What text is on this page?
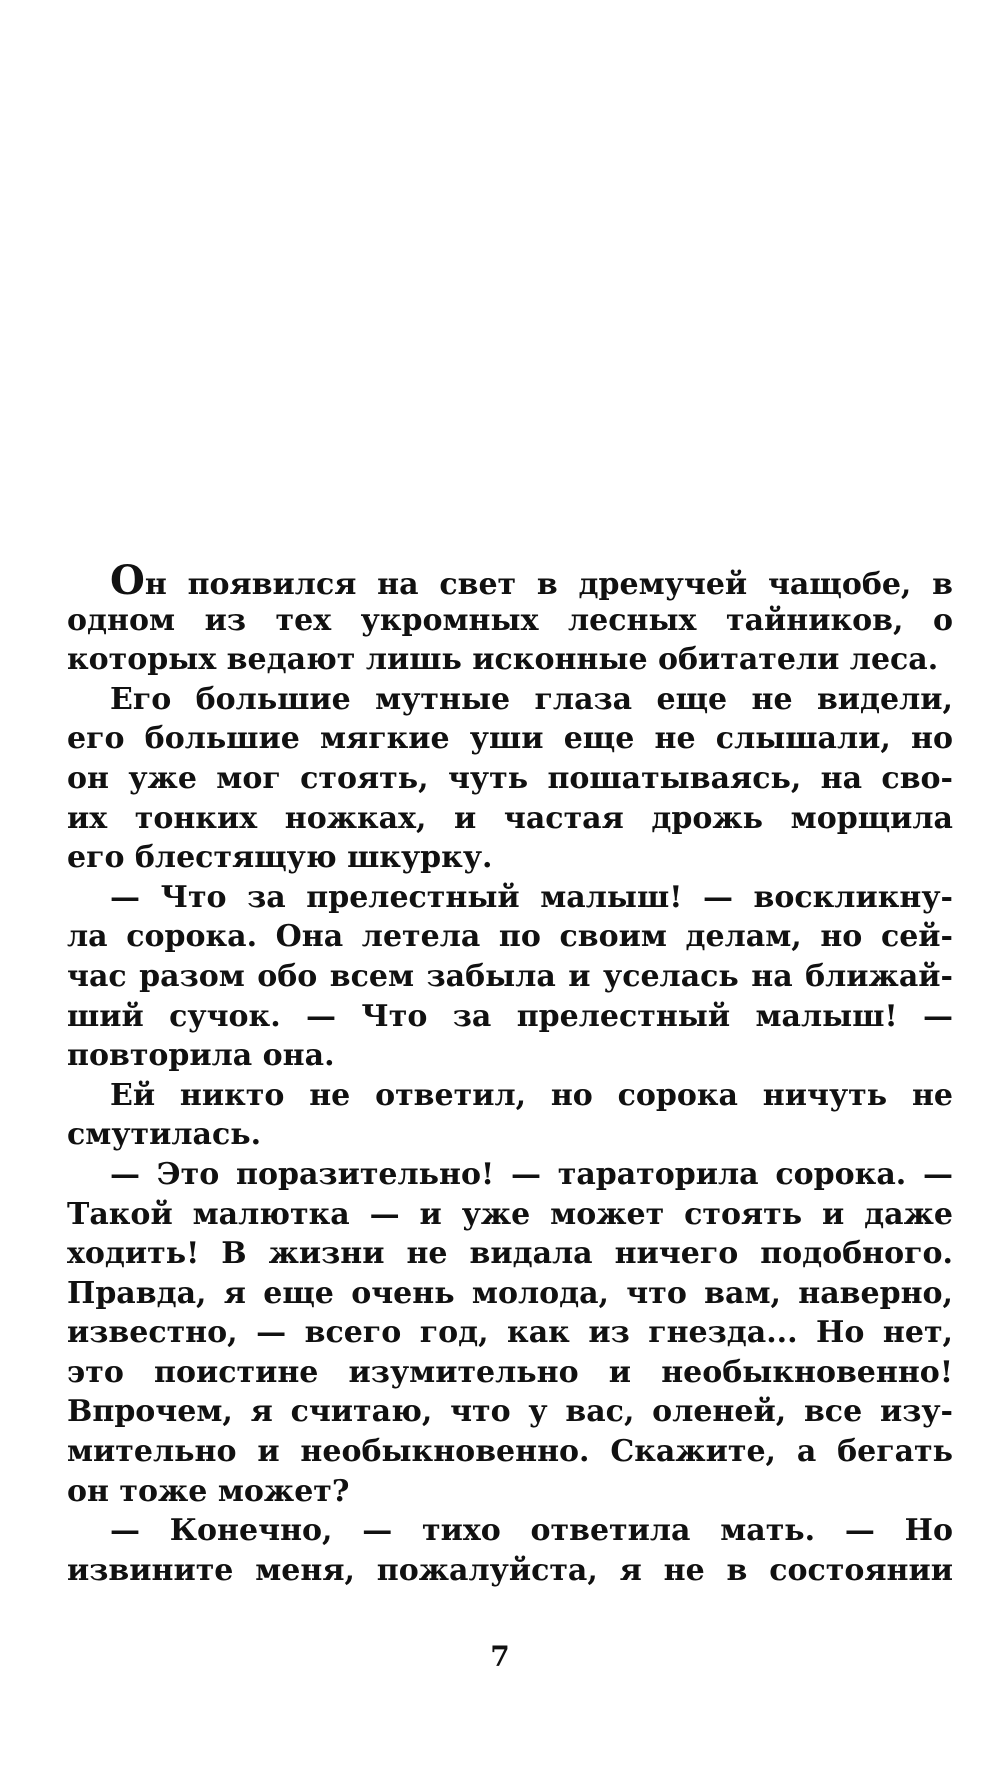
Он появился на свет в дремучей чащобе, в
одном из тех укромных лесных тайников, о
которых ведают лишь исконные обитатели леса.
Его большие мутные глаза еще не видели,
его большие мягкие уши еще не слышали, но
он уже мог стоять, чуть пошатываясь, на сво-
их тонких ножках, и частая дрожь морщила
его блестящую шкурку.
— Что за прелестный малыш! — воскликну-
ла сорока. Она летела по своим делам, но сей-
час разом обо всем забыла и уселась на ближай-
ший сучок. — Что за прелестный малыш! —
повторила она.
Ей никто не ответил, но сорока ничуть не
смутилась.
— Это поразительно! — тараторила сорока. —
Такой малютка — и уже может стоять и даже
ходить! В жизни не видала ничего подобного.
Правда, я еще очень молода, что вам, наверно,
известно, — всего год, как из гнезда... Но нет,
это поистине изумительно и необыкновенно!
Впрочем, я считаю, что у вас, оленей, все изу-
мительно и необыкновенно. Скажите, а бегать
он тоже может?
— Конечно, — тихо ответила мать. — Но
извините меня, пожалуйста, я не в состоянии
7
